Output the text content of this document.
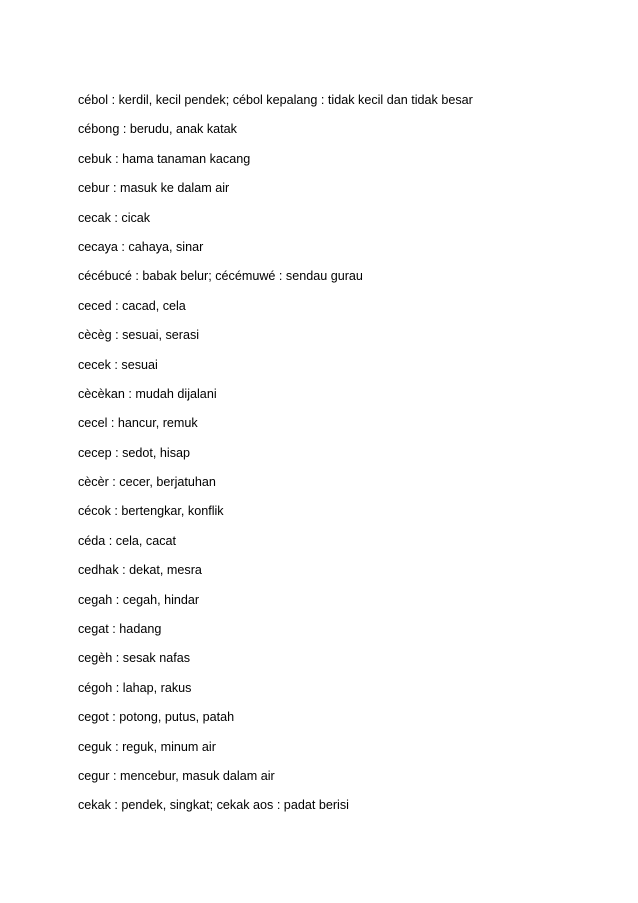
cébol : kerdil, kecil pendek; cébol kepalang : tidak kecil dan tidak besar
cébong : berudu, anak katak
cebuk : hama tanaman kacang
cebur : masuk ke dalam air
cecak : cicak
cecaya : cahaya, sinar
cécébucé : babak belur; cécémuwé : sendau gurau
ceced : cacad, cela
cècèg : sesuai, serasi
cecek : sesuai
cècèkan : mudah dijalani
cecel : hancur, remuk
cecep : sedot, hisap
cècèr : cecer, berjatuhan
cécok : bertengkar, konflik
céda : cela, cacat
cedhak : dekat, mesra
cegah : cegah, hindar
cegat : hadang
cegèh : sesak nafas
cégoh : lahap, rakus
cegot : potong, putus, patah
ceguk : reguk, minum air
cegur : mencebur, masuk dalam air
cekak : pendek, singkat; cekak aos : padat berisi
